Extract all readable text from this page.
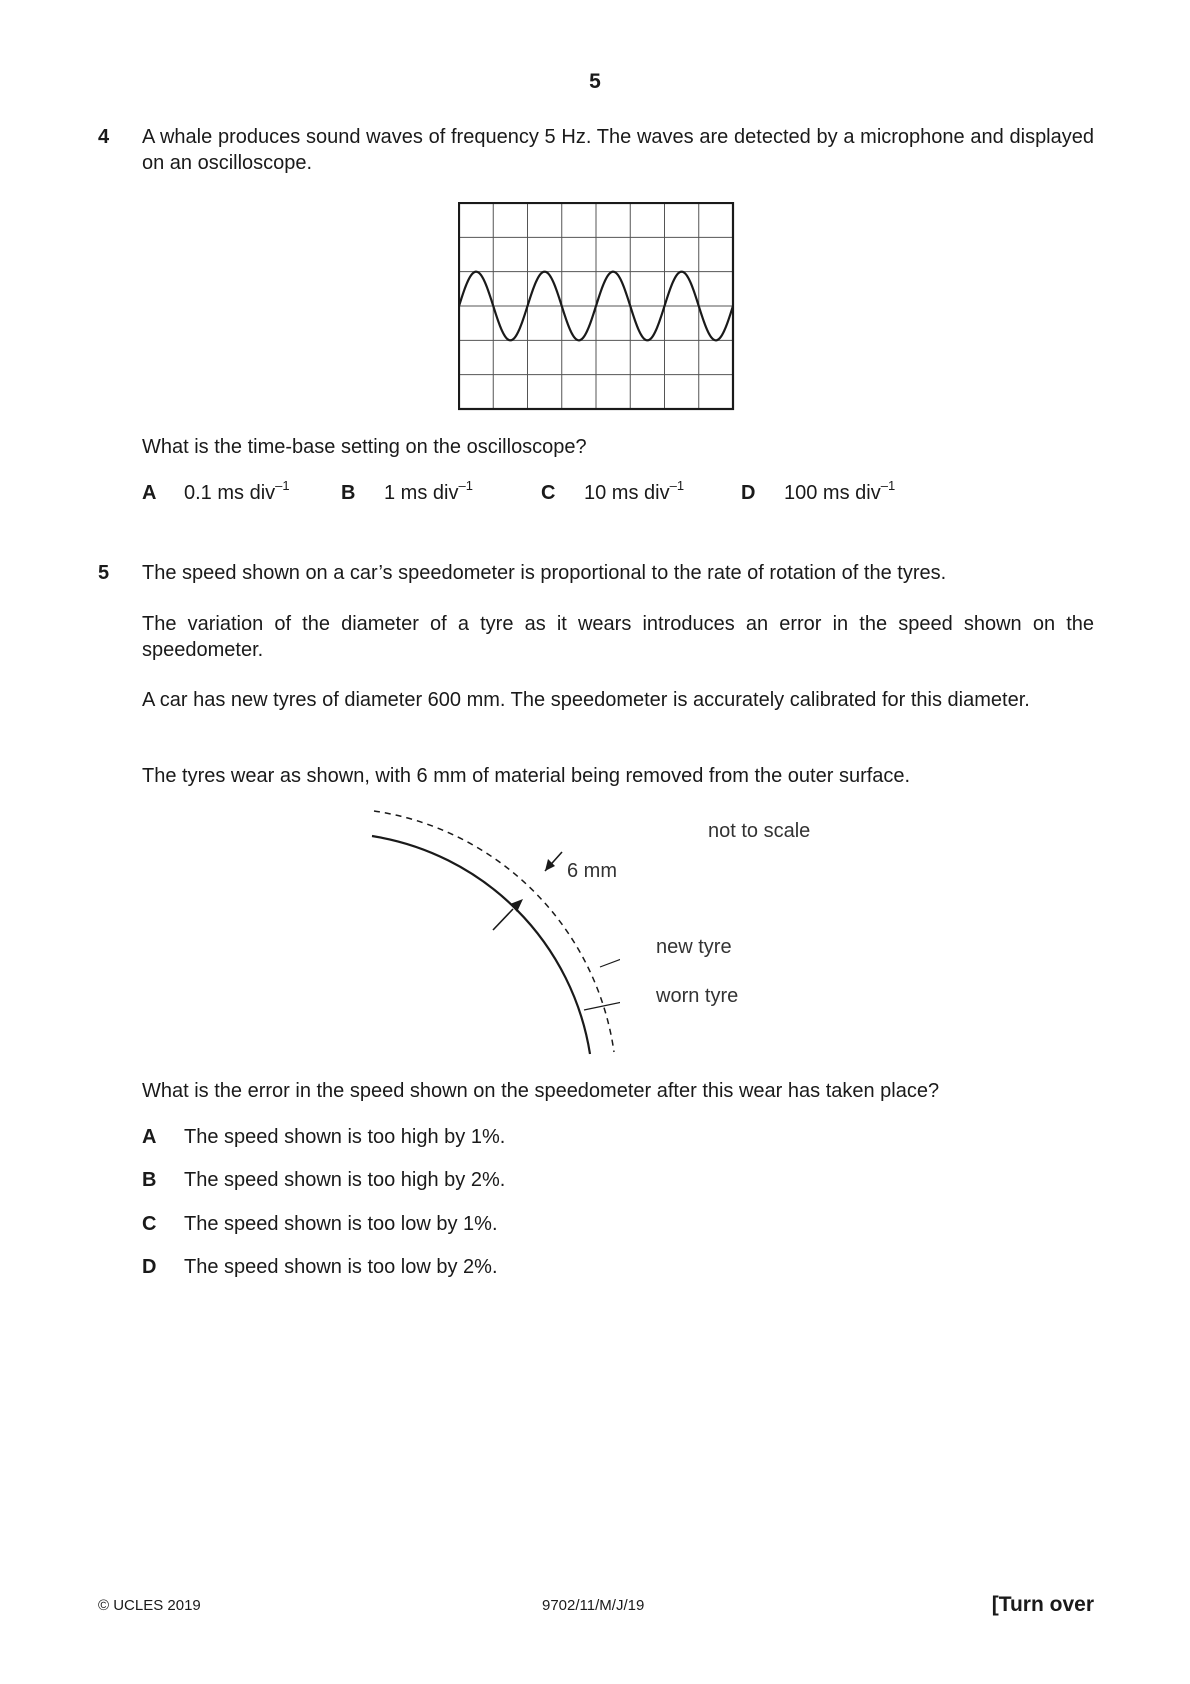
5
4 A whale produces sound waves of frequency 5 Hz. The waves are detected by a microphone and displayed on an oscilloscope.
What is the time-base setting on the oscilloscope?
A 0.1 ms div$^{-1}$	B 1 ms div$^{-1}$	C 10 ms div$^{-1}$	D 100 ms div$^{-1}$
5 The speed shown on a car’s speedometer is proportional to the rate of rotation of the tyres.
The variation of the diameter of a tyre as it wears introduces an error in the speed shown on the speedometer.
A car has new tyres of diameter 600 mm. The speedometer is accurately calibrated for this diameter.
The tyres wear as shown, with 6 mm of material being removed from the outer surface.
not to scale
6 mm
new tyre
worn tyre
What is the error in the speed shown on the speedometer after this wear has taken place?
A The speed shown is too high by 1%.
B The speed shown is too high by 2%.
C The speed shown is too low by 1%.
D The speed shown is too low by 2%.
© UCLES 2019	9702/11/M/J/19	[Turn over
